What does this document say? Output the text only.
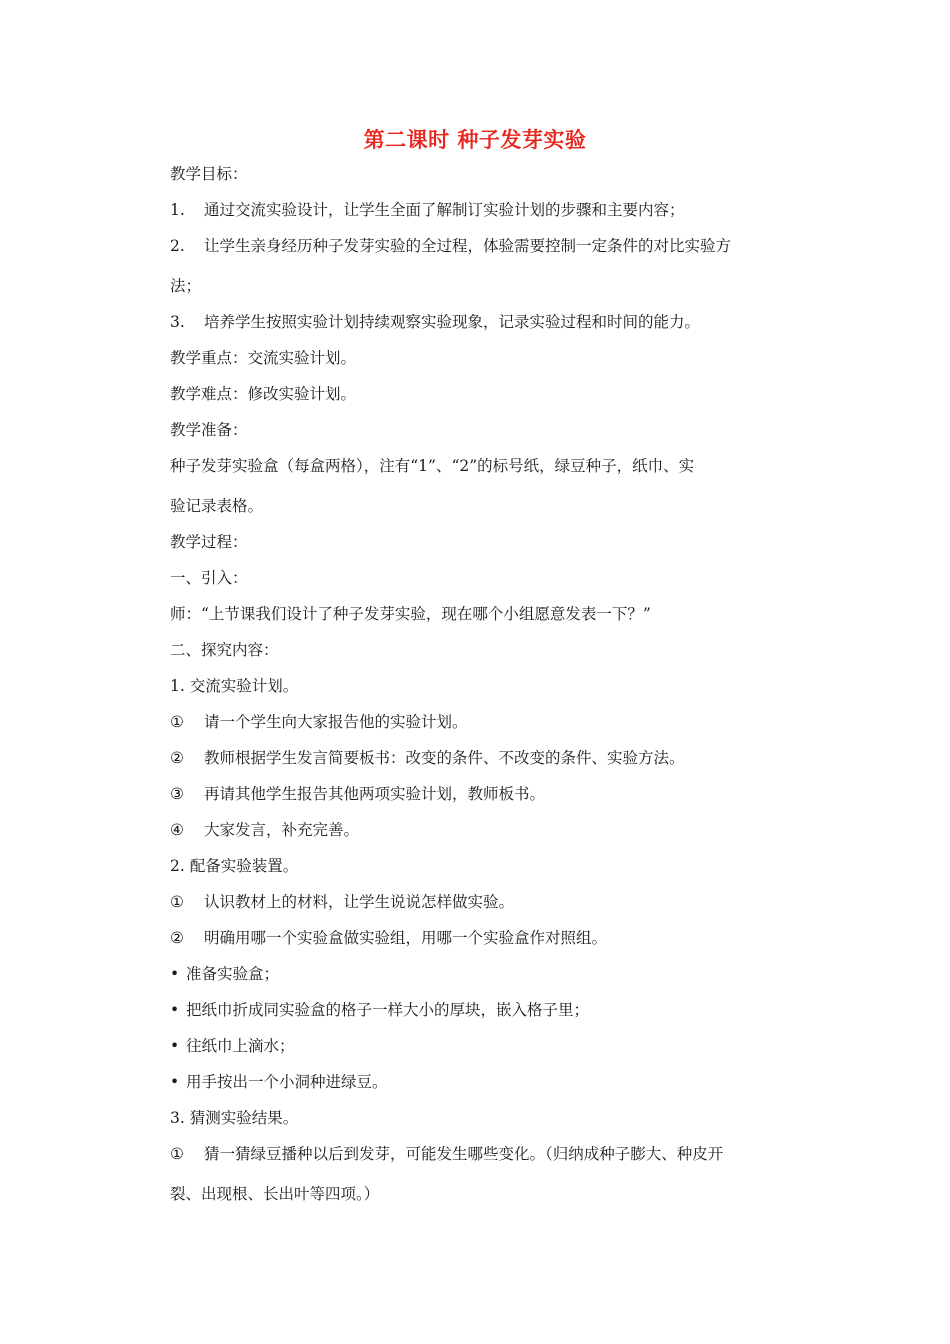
第二课时 种子发芽实验
教学目标：
1. 通过交流实验设计，让学生全面了解制订实验计划的步骤和主要内容；
2. 让学生亲身经历种子发芽实验的全过程，体验需要控制一定条件的对比实验方
法；
3. 培养学生按照实验计划持续观察实验现象，记录实验过程和时间的能力。
教学重点：交流实验计划。
教学难点：修改实验计划。
教学准备：
种子发芽实验盒（每盒两格），注有“1”、“2”的标号纸，绿豆种子，纸巾、实
验记录表格。
教学过程：
一、引入：
师：“上节课我们设计了种子发芽实验，现在哪个小组愿意发表一下？”
二、探究内容：
1. 交流实验计划。
① 请一个学生向大家报告他的实验计划。
② 教师根据学生发言简要板书：改变的条件、不改变的条件、实验方法。
③ 再请其他学生报告其他两项实验计划，教师板书。
④ 大家发言，补充完善。
2. 配备实验装置。
① 认识教材上的材料，让学生说说怎样做实验。
② 明确用哪一个实验盒做实验组，用哪一个实验盒作对照组。
• 准备实验盒；
• 把纸巾折成同实验盒的格子一样大小的厚块，嵌入格子里；
• 往纸巾上滴水；
• 用手按出一个小洞种进绿豆。
3. 猜测实验结果。
① 猜一猜绿豆播种以后到发芽，可能发生哪些变化。（归纳成种子膨大、种皮开
裂、出现根、长出叶等四项。）
